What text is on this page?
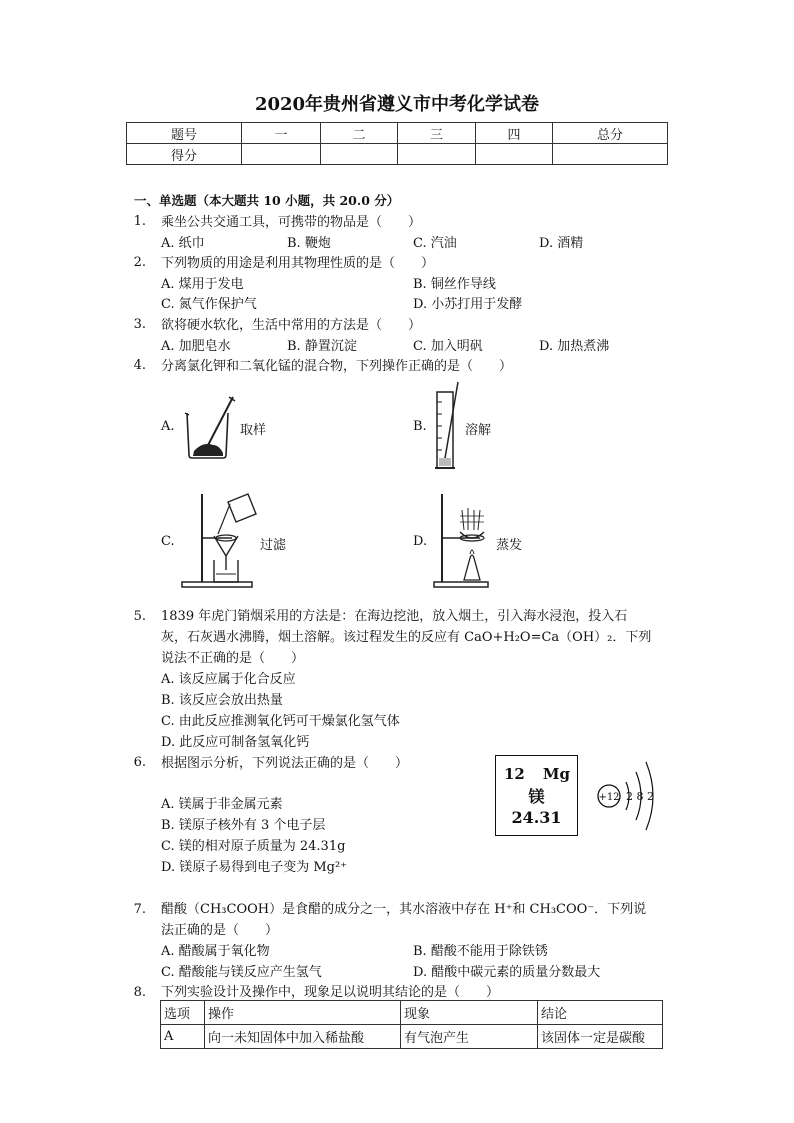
2020年贵州省遵义市中考化学试卷
题号	一	二	三	四	总分
得分					
一、单选题（本大题共 10 小题，共 20.0 分）
1. 乘坐公共交通工具，可携带的物品是（　　）
A. 纸巾	B. 鞭炮	C. 汽油	D. 酒精
2. 下列物质的用途是利用其物理性质的是（　　）
A. 煤用于发电	B. 铜丝作导线
C. 氮气作保护气	D. 小苏打用于发酵
3. 欲将硬水软化，生活中常用的方法是（　　）
A. 加肥皂水	B. 静置沉淀	C. 加入明矾	D. 加热煮沸
4. 分离氯化钾和二氧化锰的混合物，下列操作正确的是（　　）
A.	取样	B.	溶解
C.	过滤	D.	蒸发
5. 1839 年虎门销烟采用的方法是：在海边挖池，放入烟土，引入海水浸泡，投入石
灰，石灰遇水沸腾，烟土溶解。该过程发生的反应有 CaO+H₂O=Ca（OH）₂．下列
说法不正确的是（　　）
A. 该反应属于化合反应
B. 该反应会放出热量
C. 由此反应推测氧化钙可干燥氯化氢气体
D. 此反应可制备氢氧化钙
6. 根据图示分析，下列说法正确的是（　　）
A. 镁属于非金属元素
B. 镁原子核外有 3 个电子层
C. 镁的相对原子质量为 24.31g
D. 镁原子易得到电子变为 Mg²⁺
12 Mg
镁
24.31
+12 2 8 2
7. 醋酸（CH₃COOH）是食醋的成分之一，其水溶液中存在 H⁺和 CH₃COO⁻．下列说
法正确的是（　　）
A. 醋酸属于氧化物	B. 醋酸不能用于除铁锈
C. 醋酸能与镁反应产生氢气	D. 醋酸中碳元素的质量分数最大
8. 下列实验设计及操作中，现象足以说明其结论的是（　　）
选项	操作	现象	结论
A	向一未知固体中加入稀盐酸	有气泡产生	该固体一定是碳酸
